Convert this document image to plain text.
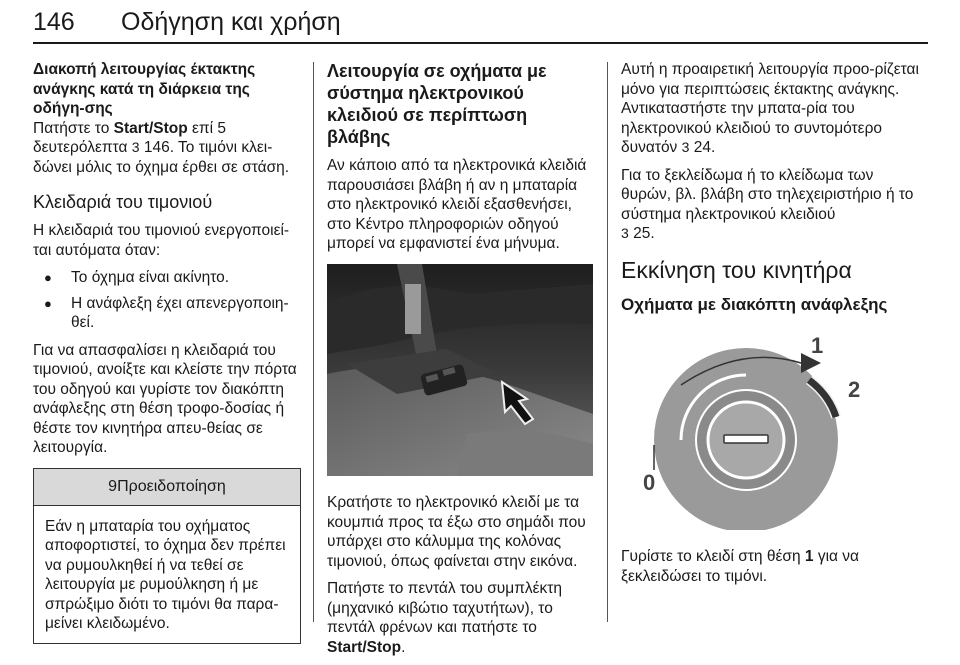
146 Οδήγηση και χρήση
Διακοπή λειτουργίας έκτακτης ανάγκης κατά τη διάρκεια της οδήγη-σης

Πατήστε το Start/Stop επί 5 δευτερόλεπτα 3 146. Το τιμόνι κλει-δώνει μόλις το όχημα έρθει σε στάση.

Κλειδαριά του τιμονιού

Η κλειδαριά του τιμονιού ενεργοποιεί-ται αυτόματα όταν:

● Το όχημα είναι ακίνητο.
● Η ανάφλεξη έχει απενεργοποιη-θεί.

Για να απασφαλίσει η κλειδαριά του τιμονιού, ανοίξτε και κλείστε την πόρτα του οδηγού και γυρίστε τον διακόπτη ανάφλεξης στη θέση τροφο-δοσίας ή θέστε τον κινητήρα απευ-θείας σε λειτουργία.

9Προειδοποίηση
Εάν η μπαταρία του οχήματος αποφορτιστεί, το όχημα δεν πρέπει να ρυμουλκηθεί ή να τεθεί σε λειτουργία με ρυμούλκηση ή με σπρώξιμο διότι το τιμόνι θα παρα-μείνει κλειδωμένο.
Λειτουργία σε οχήματα με σύστημα ηλεκτρονικού κλειδιού σε περίπτωση βλάβης

Αν κάποιο από τα ηλεκτρονικά κλειδιά παρουσιάσει βλάβη ή αν η μπαταρία στο ηλεκτρονικό κλειδί εξασθενήσει, στο Κέντρο πληροφοριών οδηγού μπορεί να εμφανιστεί ένα μήνυμα.

Κρατήστε το ηλεκτρονικό κλειδί με τα κουμπιά προς τα έξω στο σημάδι που υπάρχει στο κάλυμμα της κολόνας τιμονιού, όπως φαίνεται στην εικόνα.

Πατήστε το πεντάλ του συμπλέκτη (μηχανικό κιβώτιο ταχυτήτων), το πεντάλ φρένων και πατήστε το Start/Stop.

Αυτή η προαιρετική λειτουργία προο-ρίζεται μόνο για περιπτώσεις έκτακτης ανάγκης. Αντικαταστήστε την μπατα-ρία του ηλεκτρονικού κλειδιού το συντομότερο δυνατόν 3 24.

Για το ξεκλείδωμα ή το κλείδωμα των θυρών, βλ. βλάβη στο τηλεχειριστήριο ή το σύστημα ηλεκτρονικού κλειδιού
3 25.

Εκκίνηση του κινητήρα
Οχήματα με διακόπτη ανάφλεξης
0
1
2

Γυρίστε το κλειδί στη θέση 1 για να ξεκλειδώσει το τιμόνι.
